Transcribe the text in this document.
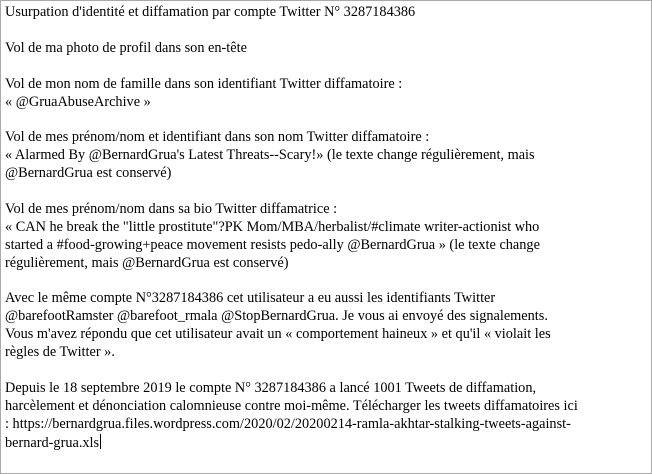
Usurpation d'identité et diffamation par compte Twitter N° 3287184386
Vol de ma photo de profil dans son en-tête
Vol de mon nom de famille dans son identifiant Twitter diffamatoire :
« @GruaAbuseArchive »
Vol de mes prénom/nom et identifiant dans son nom Twitter diffamatoire :
« Alarmed By @BernardGrua's Latest Threats--Scary!» (le texte change régulièrement, mais
@BernardGrua est conservé)
Vol de mes prénom/nom dans sa bio Twitter diffamatrice :
« CAN he break the "little prostitute"?PK Mom/MBA/herbalist/#climate writer-actionist who
started a #food-growing+peace movement resists pedo-ally @BernardGrua » (le texte change
régulièrement, mais @BernardGrua est conservé)
Avec le même compte N°3287184386 cet utilisateur a eu aussi les identifiants Twitter
@barefootRamster @barefoot_rmala @StopBernardGrua. Je vous ai envoyé des signalements.
Vous m'avez répondu que cet utilisateur avait un « comportement haineux » et qu'il « violait les
règles de Twitter ».
Depuis le 18 septembre 2019 le compte N° 3287184386 a lancé 1001 Tweets de diffamation,
harcèlement et dénonciation calomnieuse contre moi-même. Télécharger les tweets diffamatoires ici
: https://bernardgrua.files.wordpress.com/2020/02/20200214-ramla-akhtar-stalking-tweets-against-
bernard-grua.xls
